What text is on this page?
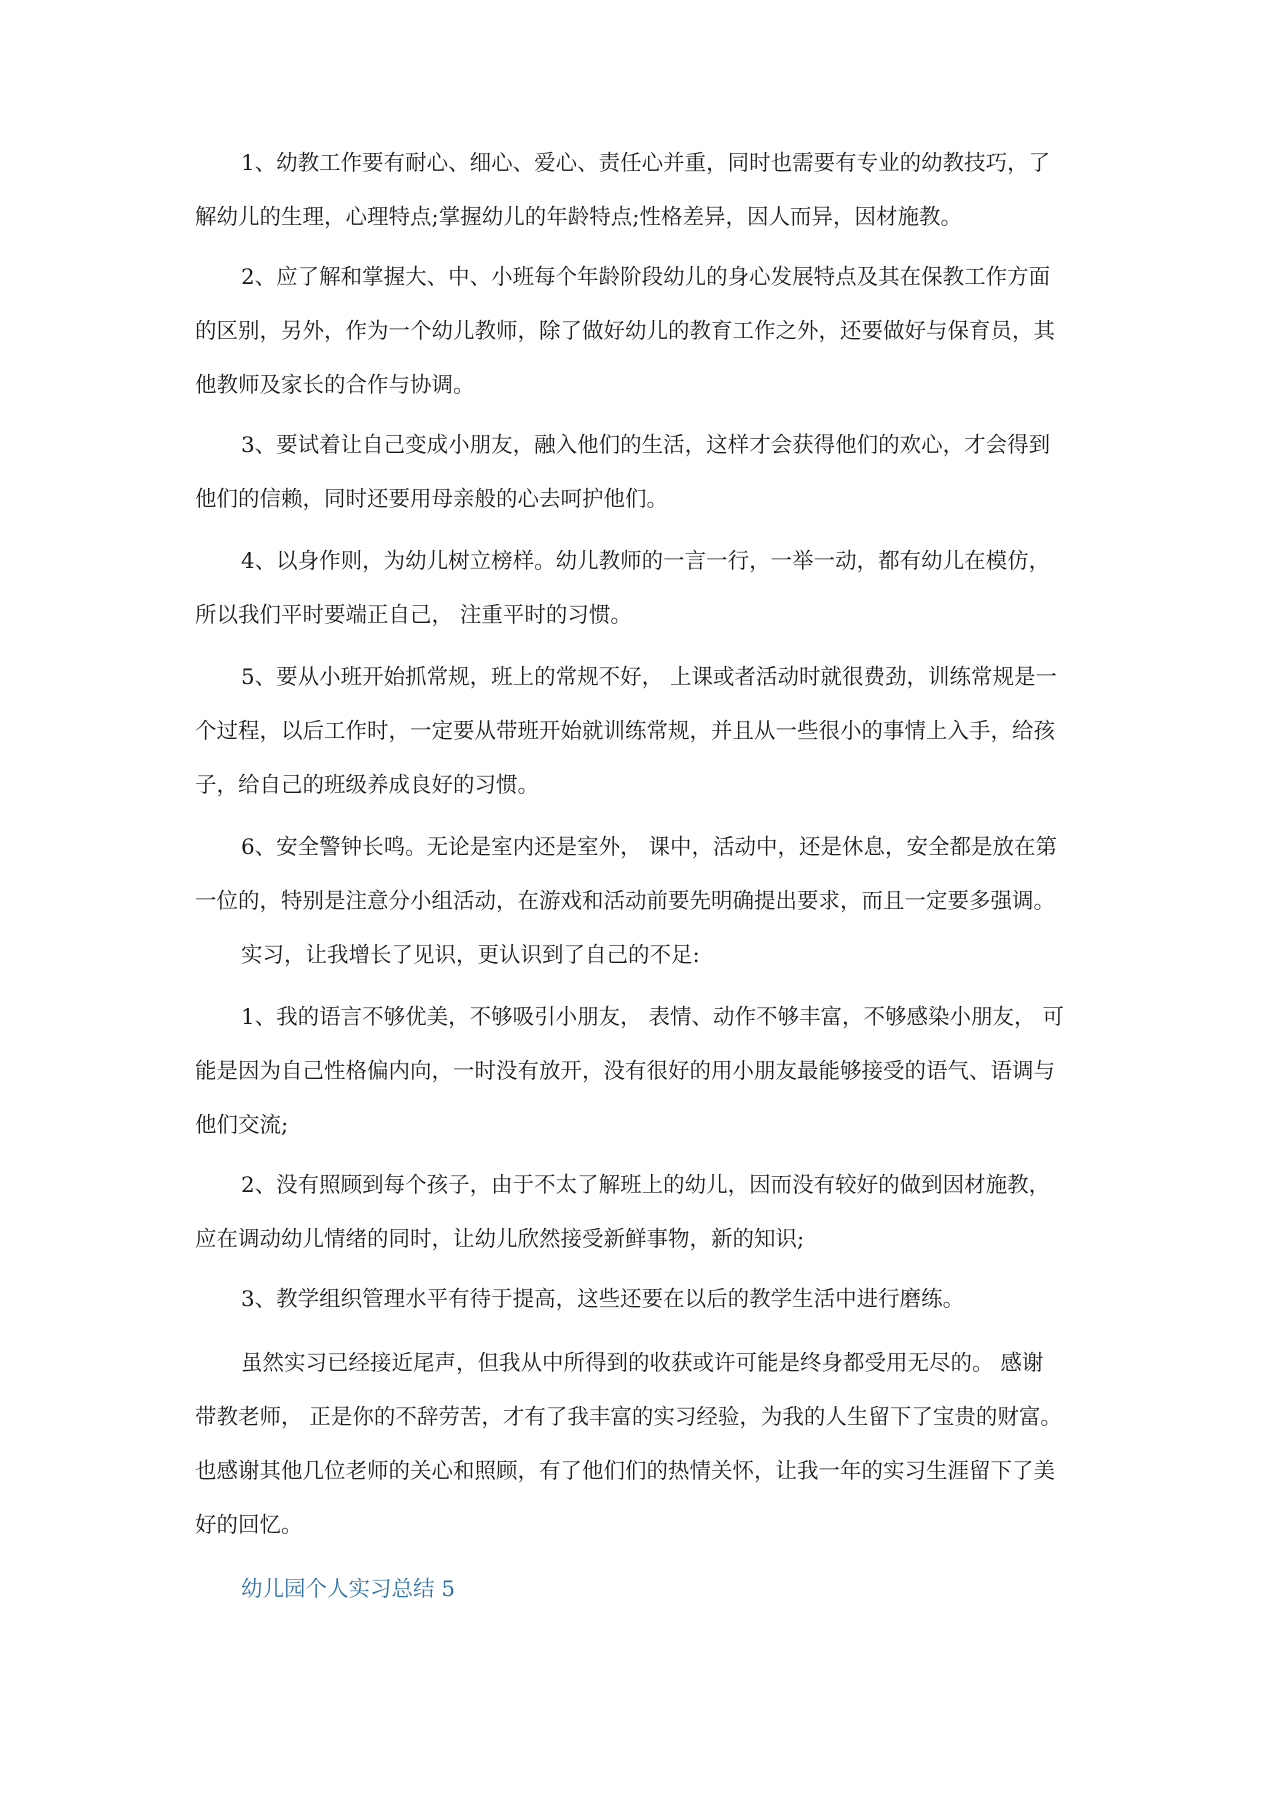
1、幼教工作要有耐心、细心、爱心、责任心并重，同时也需要有专业的幼教技巧，了
解幼儿的生理，心理特点;掌握幼儿的年龄特点;性格差异，因人而异，因材施教。
2、应了解和掌握大、中、小班每个年龄阶段幼儿的身心发展特点及其在保教工作方面
的区别，另外，作为一个幼儿教师，除了做好幼儿的教育工作之外，还要做好与保育员，其
他教师及家长的合作与协调。
3、要试着让自己变成小朋友，融入他们的生活，这样才会获得他们的欢心，才会得到
他们的信赖，同时还要用母亲般的心去呵护他们。
4、以身作则，为幼儿树立榜样。幼儿教师的一言一行，一举一动，都有幼儿在模仿，
所以我们平时要端正自己， 注重平时的习惯。
5、要从小班开始抓常规，班上的常规不好， 上课或者活动时就很费劲，训练常规是一
个过程，以后工作时，一定要从带班开始就训练常规，并且从一些很小的事情上入手，给孩
子，给自己的班级养成良好的习惯。
6、安全警钟长鸣。无论是室内还是室外， 课中，活动中，还是休息，安全都是放在第
一位的，特别是注意分小组活动，在游戏和活动前要先明确提出要求，而且一定要多强调。
实习，让我增长了见识，更认识到了自己的不足:
1、我的语言不够优美，不够吸引小朋友， 表情、动作不够丰富，不够感染小朋友， 可
能是因为自己性格偏内向，一时没有放开，没有很好的用小朋友最能够接受的语气、语调与
他们交流;
2、没有照顾到每个孩子，由于不太了解班上的幼儿，因而没有较好的做到因材施教，
应在调动幼儿情绪的同时，让幼儿欣然接受新鲜事物，新的知识;
3、教学组织管理水平有待于提高，这些还要在以后的教学生活中进行磨练。
虽然实习已经接近尾声，但我从中所得到的收获或许可能是终身都受用无尽的。 感谢
带教老师， 正是你的不辞劳苦，才有了我丰富的实习经验，为我的人生留下了宝贵的财富。
也感谢其他几位老师的关心和照顾，有了他们们的热情关怀，让我一年的实习生涯留下了美
好的回忆。
幼儿园个人实习总结 5
